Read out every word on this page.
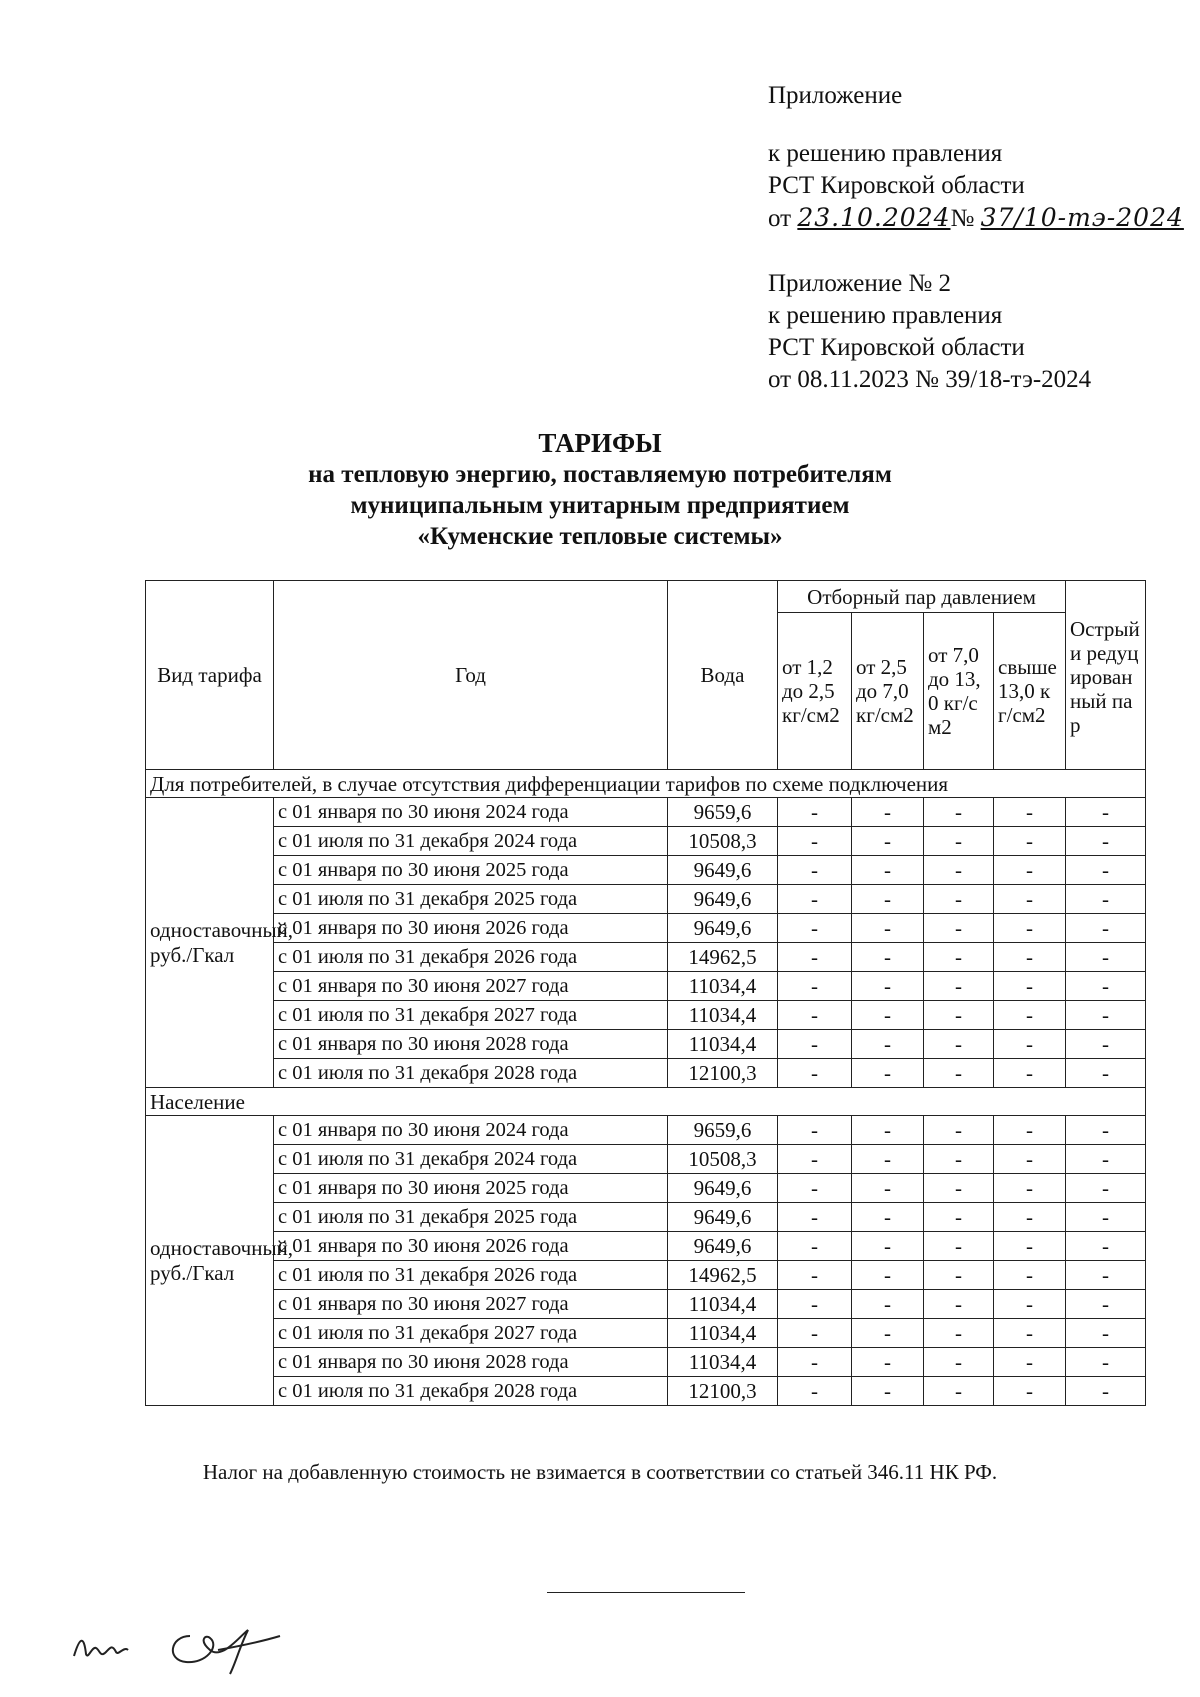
Приложение
к решению правления
РСТ Кировской области
от 23.10.2024№ 37/10-тэ-2024
Приложение № 2
к решению правления
РСТ Кировской области
от 08.11.2023 № 39/18-тэ-2024
ТАРИФЫ
на тепловую энергию, поставляемую потребителям
муниципальным унитарным предприятием
«Куменские тепловые системы»
Вид тарифа	Год	Вода	Отборный пар давлением				Острый и редуцированный пар
			от 1,2 до 2,5 кг/см2	от 2,5 до 7,0 кг/см2	от 7,0 до 13,0 кг/см2	свыше 13,0 кг/см2	
Для потребителей, в случае отсутствия дифференциации тарифов по схеме подключения							
одноставочный, руб./Гкал	с 01 января по 30 июня 2024 года	9659,6	-	-	-	-	-
	с 01 июля по 31 декабря 2024 года	10508,3	-	-	-	-	-
	с 01 января по 30 июня 2025 года	9649,6	-	-	-	-	-
	с 01 июля по 31 декабря 2025 года	9649,6	-	-	-	-	-
	с 01 января по 30 июня 2026 года	9649,6	-	-	-	-	-
	с 01 июля по 31 декабря 2026 года	14962,5	-	-	-	-	-
	с 01 января по 30 июня 2027 года	11034,4	-	-	-	-	-
	с 01 июля по 31 декабря 2027 года	11034,4	-	-	-	-	-
	с 01 января по 30 июня 2028 года	11034,4	-	-	-	-	-
	с 01 июля по 31 декабря 2028 года	12100,3	-	-	-	-	-
Население							
одноставочный, руб./Гкал	с 01 января по 30 июня 2024 года	9659,6	-	-	-	-	-
	с 01 июля по 31 декабря 2024 года	10508,3	-	-	-	-	-
	с 01 января по 30 июня 2025 года	9649,6	-	-	-	-	-
	с 01 июля по 31 декабря 2025 года	9649,6	-	-	-	-	-
	с 01 января по 30 июня 2026 года	9649,6	-	-	-	-	-
	с 01 июля по 31 декабря 2026 года	14962,5	-	-	-	-	-
	с 01 января по 30 июня 2027 года	11034,4	-	-	-	-	-
	с 01 июля по 31 декабря 2027 года	11034,4	-	-	-	-	-
	с 01 января по 30 июня 2028 года	11034,4	-	-	-	-	-
	с 01 июля по 31 декабря 2028 года	12100,3	-	-	-	-	-
Налог на добавленную стоимость не взимается в соответствии со статьей 346.11 НК РФ.
